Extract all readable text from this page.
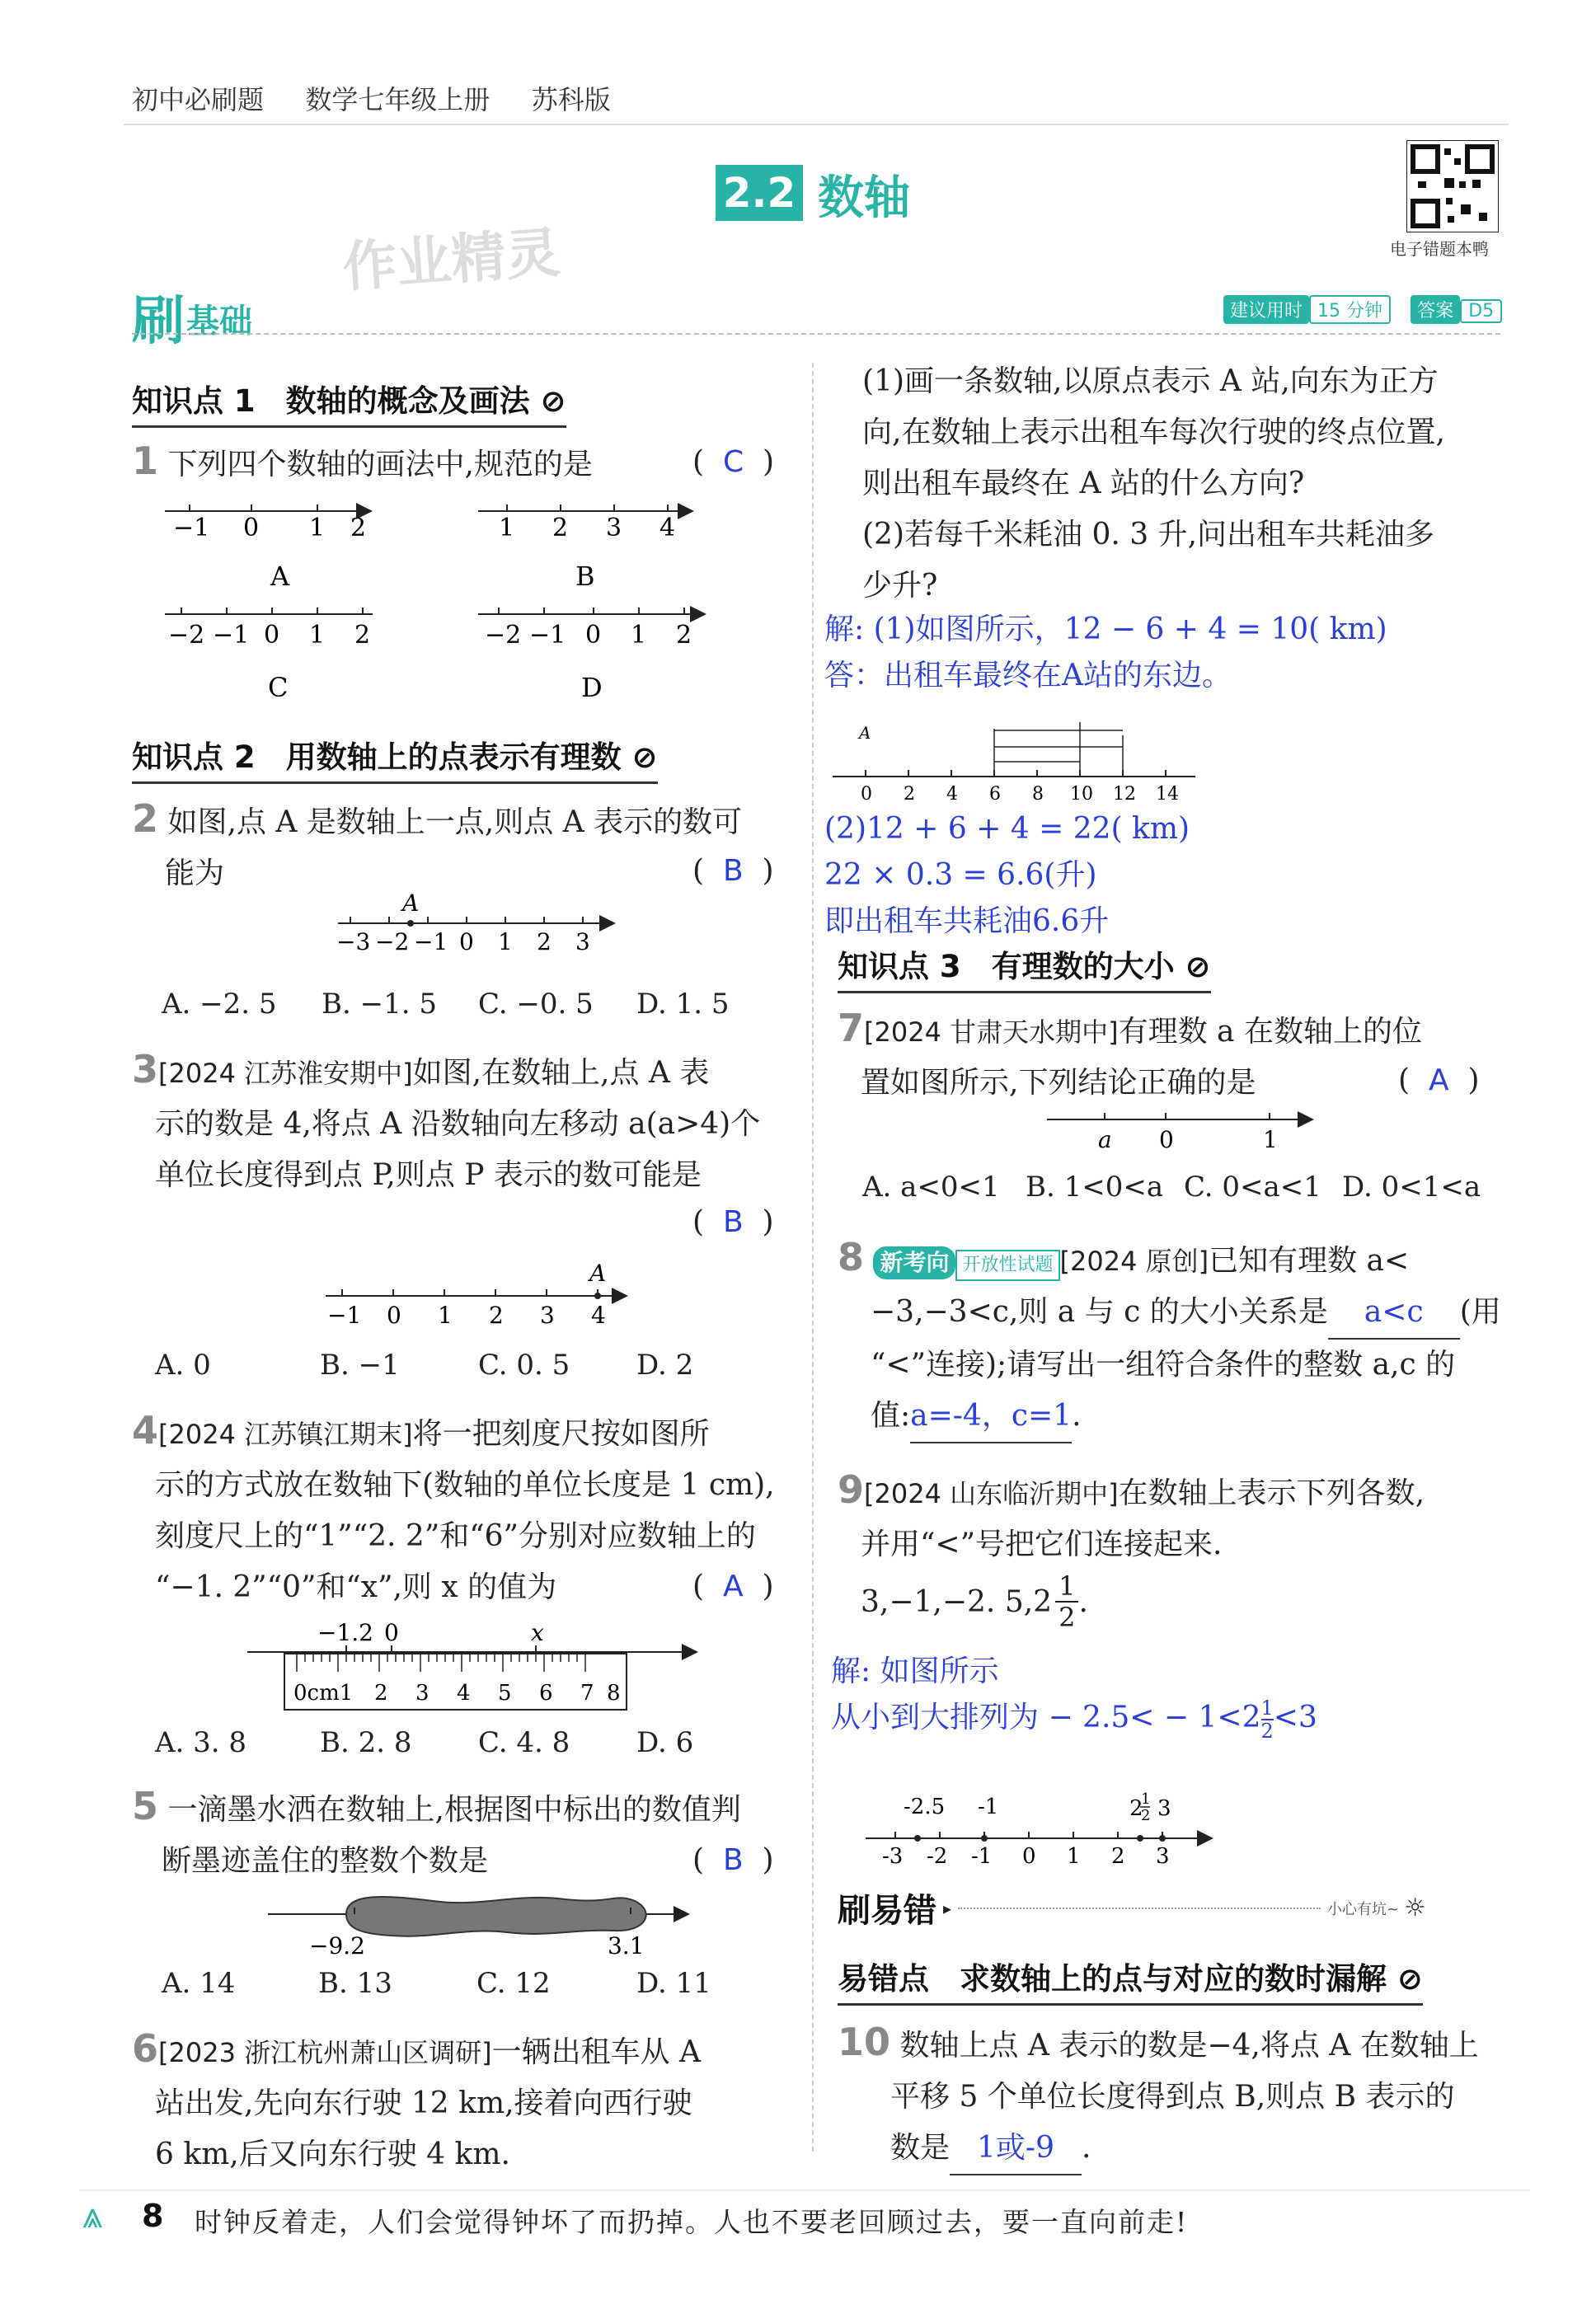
初中必刷题 数学七年级上册 苏科版
2.2 数轴
作业精灵	电子错题本鸭
刷 基础	建议用时 15 分钟 答案 D5
知识点 1　数轴的概念及画法 ⊘
1 下列四个数轴的画法中,规范的是	(  C  )
−1 0 1 2
A
1 2 3 4
B
−2 −1 0 1 2
C
−2 −1 0 1 2
D
知识点 2　用数轴上的点表示有理数 ⊘
2 如图,点 A 是数轴上一点,则点 A 表示的数可
能为	(  B  )
A
−3 −2 −1 0 1 2 3
A. −2. 5 B. −1. 5 C. −0. 5 D. 1. 5
3[2024 江苏淮安期中]如图,在数轴上,点 A 表
示的数是 4,将点 A 沿数轴向左移动 a(a>4)个
单位长度得到点 P,则点 P 表示的数可能是
(  B  )
A
−1 0 1 2 3 4
A. 0	B. −1	C. 0. 5 D. 2
4[2024 江苏镇江期末]将一把刻度尺按如图所
示的方式放在数轴下(数轴的单位长度是 1 cm),
刻度尺上的“1”“2. 2”和“6”分别对应数轴上的
“−1. 2”“0”和“x”,则 x 的值为	(  A  )
−1.2 0	x
0cm1 2 3 4 5 6 7 8
A. 3. 8	B. 2. 8 C. 4. 8 D. 6
5 一滴墨水洒在数轴上,根据图中标出的数值判
断墨迹盖住的整数个数是	(  B  )
−9.2	3.1
A. 14	B. 13	C. 12	D. 11
6[2023 浙江杭州萧山区调研]一辆出租车从 A
站出发,先向东行驶 12 km,接着向西行驶
6 km,后又向东行驶 4 km.
(1)画一条数轴,以原点表示 A 站,向东为正方
向,在数轴上表示出租车每次行驶的终点位置,
则出租车最终在 A 站的什么方向?
(2)若每千米耗油 0. 3 升,问出租车共耗油多
少升?
解: (1)如图所示，12 − 6 + 4 = 10( km)
答：出租车最终在A站的东边。
A
0 2 4 6 8 10 12 14
(2)12 + 6 + 4 = 22( km)
22 × 0.3 = 6.6(升)
即出租车共耗油6.6升
知识点 3　有理数的大小 ⊘
7[2024 甘肃天水期中]有理数 a 在数轴上的位
置如图所示,下列结论正确的是	(  A  )
a 0	1
A. a<0<1 B. 1<0<a C. 0<a<1 D. 0<1<a
8 新考向 开放性试题 [2024 原创]已知有理数 a<
−3,−3<c,则 a 与 c 的大小关系是 a<c (用
“<”连接);请写出一组符合条件的整数 a,c 的
值:a=-4，c=1.
9[2024 山东临沂期中]在数轴上表示下列各数,
并用“<”号把它们连接起来.
3,−1,−2. $5,2 \frac{1}{2}$ .
解: 如图所示
从小到大排列为 − $2.5< - 1<2 \frac{1}{2} <3$
-2.5 -1	2
1
2 3
-3 -2 -1 0 1 2 3
刷易错 ▸	小心有坑~ ☼
易错点　求数轴上的点与对应的数时漏解 ⊘
10 数轴上点 A 表示的数是−4,将点 A 在数轴上
平移 5 个单位长度得到点 B,则点 B 表示的
数是 1或-9 .
⩓ 8 时钟反着走，人们会觉得钟坏了而扔掉。人也不要老回顾过去，要一直向前走!
